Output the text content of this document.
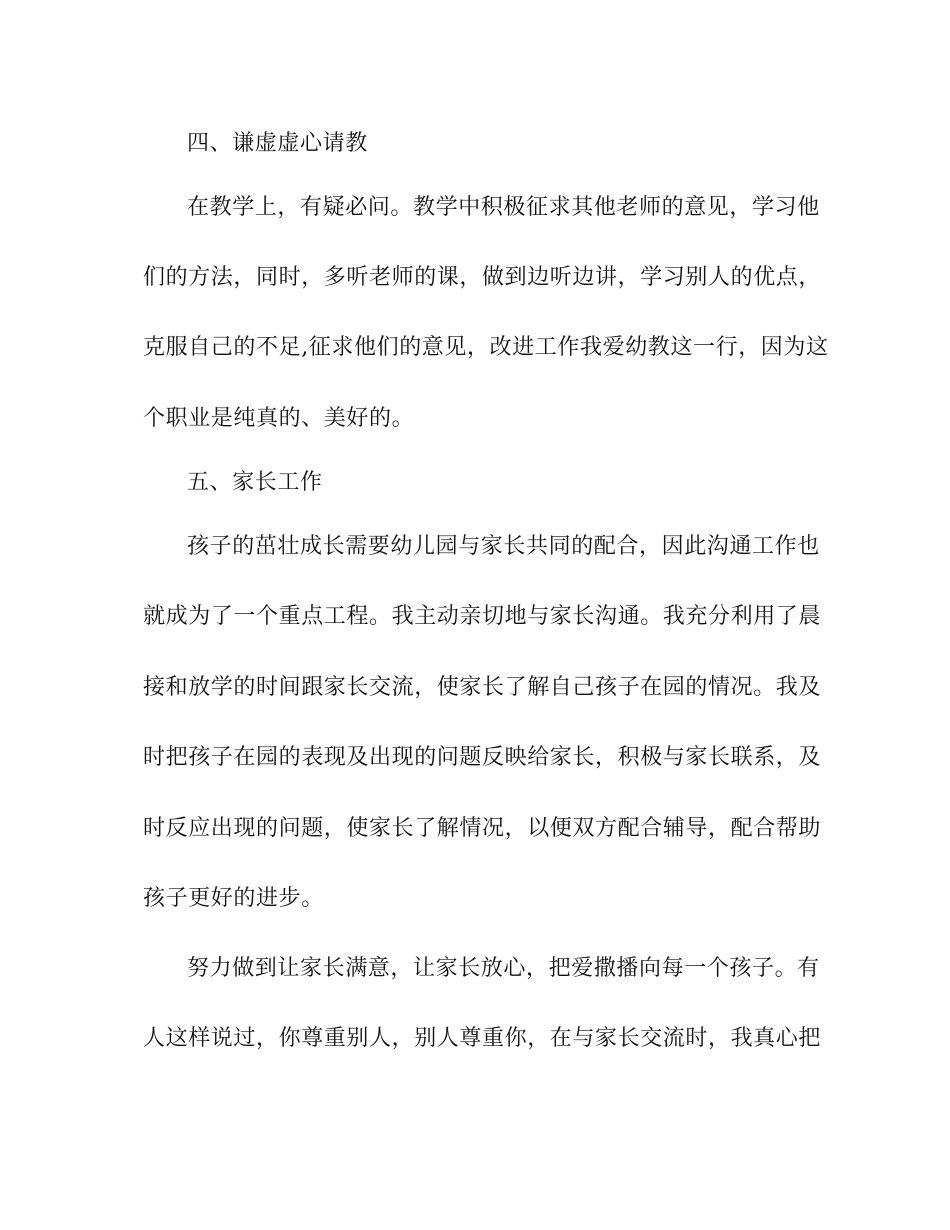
四、谦虚虚心请教
在教学上，有疑必问。教学中积极征求其他老师的意见，学习他
们的方法，同时，多听老师的课，做到边听边讲，学习别人的优点，
克服自己的不足,征求他们的意见，改进工作我爱幼教这一行，因为这
个职业是纯真的、美好的。
五、家长工作
孩子的茁壮成长需要幼儿园与家长共同的配合，因此沟通工作也
就成为了一个重点工程。我主动亲切地与家长沟通。我充分利用了晨
接和放学的时间跟家长交流，使家长了解自己孩子在园的情况。我及
时把孩子在园的表现及出现的问题反映给家长，积极与家长联系，及
时反应出现的问题，使家长了解情况，以便双方配合辅导，配合帮助
孩子更好的进步。
努力做到让家长满意，让家长放心，把爱撒播向每一个孩子。有
人这样说过，你尊重别人，别人尊重你，在与家长交流时，我真心把
